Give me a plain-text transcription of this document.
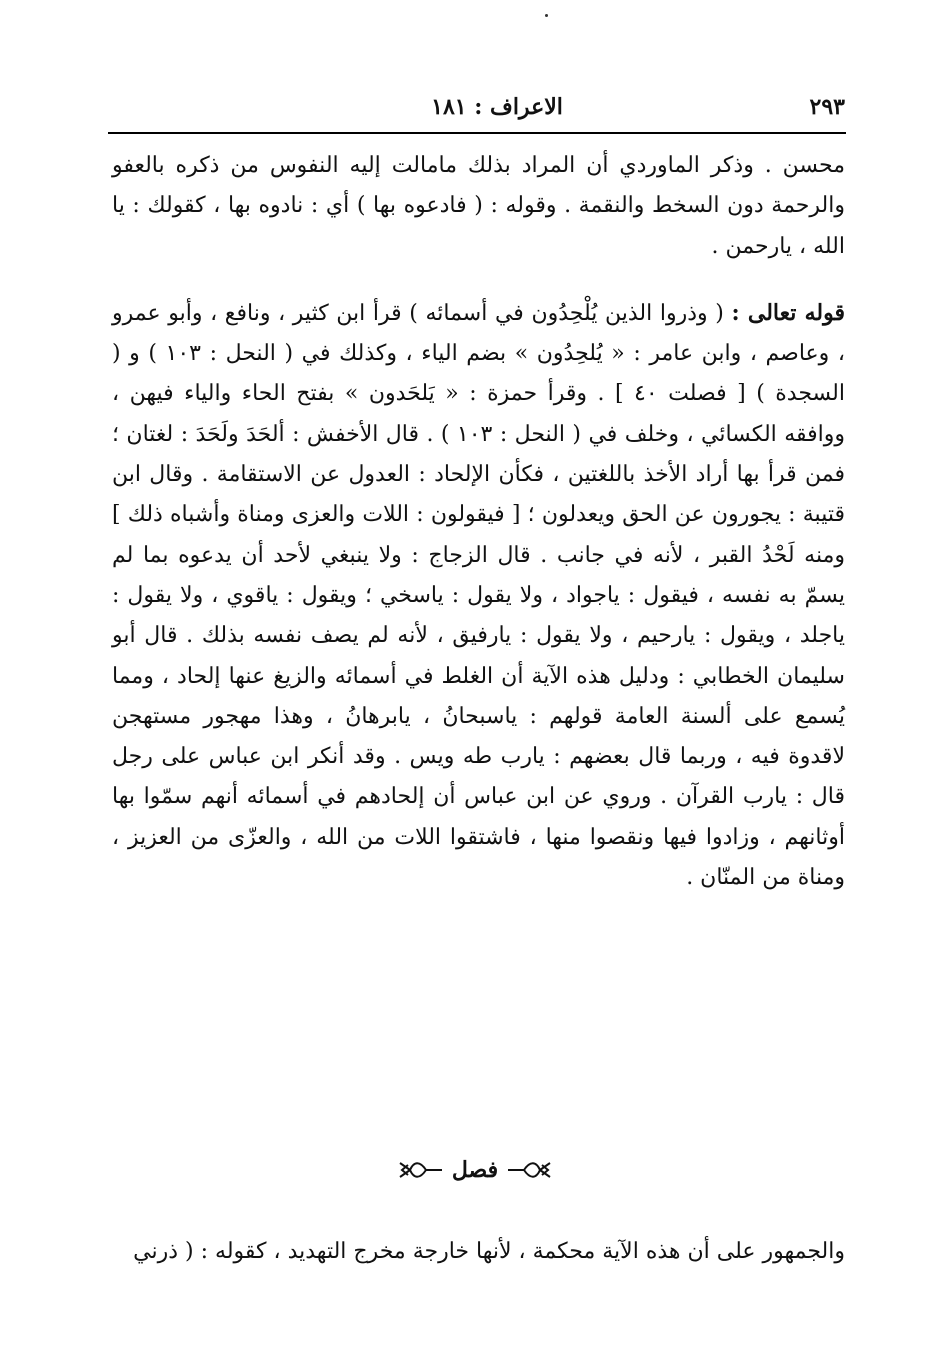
٢٩٣
الاعراف : ١٨١

محسن . وذكر الماوردي أن المراد بذلك مامالت إليه النفوس من ذكره بالعفو والرحمة دون السخط والنقمة . وقوله : ( فادعوه بها ) أي : نادوه بها ، كقولك : يا الله ، يارحمن .

قوله تعالى : ( وذروا الذين يُلْحِدُون في أسمائه ) قرأ ابن كثير ، ونافع ، وأبو عمرو ، وعاصم ، وابن عامر : « يُلحِدُون » بضم الياء ، وكذلك في ( النحل : ١٠٣ ) و ( السجدة ) [ فصلت ٤٠ ] . وقرأ حمزة : « يَلحَدون » بفتح الحاء والياء فيهن ، ووافقه الكسائي ، وخلف في ( النحل : ١٠٣ ) . قال الأخفش : ألحَدَ ولَحَدَ : لغتان ؛ فمن قرأ بها أراد الأخذ باللغتين ، فكأن الإلحاد : العدول عن الاستقامة . وقال ابن قتيبة : يجورون عن الحق ويعدلون ؛ [ فيقولون : اللات والعزى ومناة وأشباه ذلك ] ومنه لَحْدُ القبر ، لأنه في جانب . قال الزجاج : ولا ينبغي لأحد أن يدعوه بما لم يسمّ به نفسه ، فيقول : ياجواد ، ولا يقول : ياسخي ؛ ويقول : ياقوي ، ولا يقول : ياجلد ، ويقول : يارحيم ، ولا يقول : يارفيق ، لأنه لم يصف نفسه بذلك . قال أبو سليمان الخطابي : ودليل هذه الآية أن الغلط في أسمائه والزيغ عنها إلحاد ، ومما يُسمع على ألسنة العامة قولهم : ياسبحانُ ، يابرهانُ ، وهذا مهجور مستهجن لاقدوة فيه ، وربما قال بعضهم : يارب طه ويس . وقد أنكر ابن عباس على رجل قال : يارب القرآن . وروي عن ابن عباس أن إلحادهم في أسمائه أنهم سمّوا بها أوثانهم ، وزادوا فيها ونقصوا منها ، فاشتقوا اللات من الله ، والعزّى من العزيز ، ومناة من المنّان .

فصل
والجمهور على أن هذه الآية محكمة ، لأنها خارجة مخرج التهديد ، كقوله : ( ذرني
